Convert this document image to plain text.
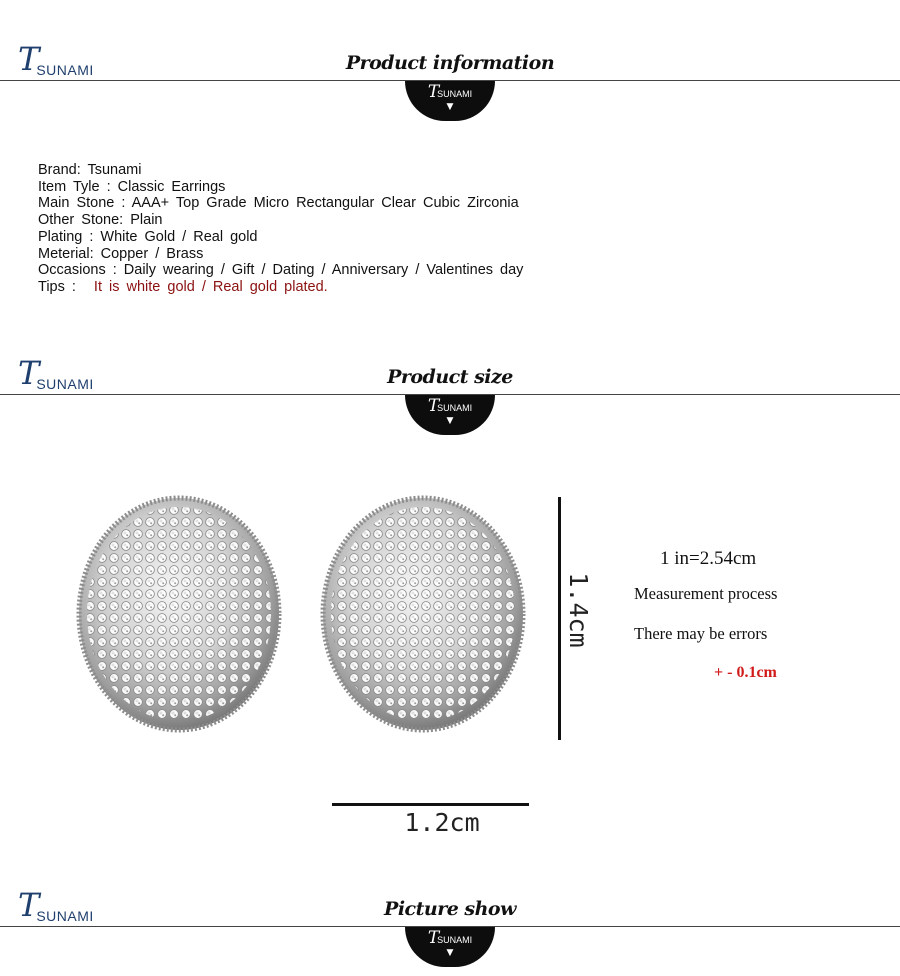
TSUNAMI	Product information
TSUNAMI
▼
Brand: Tsunami
Item Tyle : Classic Earrings
Main Stone : AAA+ Top Grade Micro Rectangular Clear Cubic Zirconia
Other Stone: Plain
Plating : White Gold / Real gold
Meterial: Copper / Brass
Occasions : Daily wearing / Gift / Dating / Anniversary / Valentines day
Tips : It is white gold / Real gold plated.
TSUNAMI	Product size
TSUNAMI
▼
1.4cm
1.2cm
1 in=2.54cm
Measurement process
There may be errors
+ - 0.1cm
TSUNAMI	Picture show
TSUNAMI
▼
